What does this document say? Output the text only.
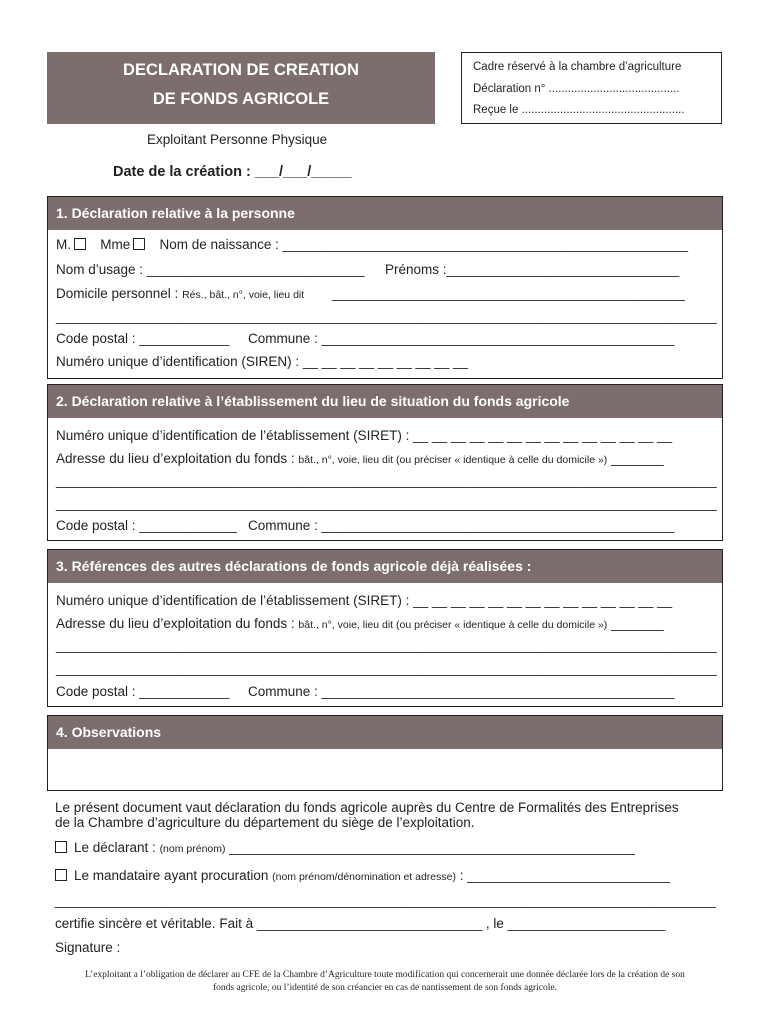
DECLARATION DE CREATION
DE FONDS AGRICOLE
Cadre réservé à la chambre d’agriculture
Déclaration n° .........................................
Reçue le ...................................................
Exploitant Personne Physique
Date de la création : ___/___/_____
1. Déclaration relative à la personne
M. Mme Nom de naissance : ______________________________________________________
Nom d’usage : _____________________________ Prénoms :_______________________________
Domicile personnel : Rés., bât., n°, voie, lieu dit _______________________________________________
________________________________________________________________________________________
Code postal : ____________ Commune : _______________________________________________
Numéro unique d’identification (SIREN) : __ __ __ __ __ __ __ __ __
2. Déclaration relative à l’établissement du lieu de situation du fonds agricole
Numéro unique d’identification de l’établissement (SIRET) : __ __ __ __ __ __ __ __ __ __ __ __ __ __
Adresse du lieu d’exploitation du fonds : bât., n°, voie, lieu dit (ou préciser « identique à celle du domicile ») _______
________________________________________________________________________________________
________________________________________________________________________________________
Code postal : _____________ Commune : _______________________________________________
3. Références des autres déclarations de fonds agricole déjà réalisées :
Numéro unique d’identification de l’établissement (SIRET) : __ __ __ __ __ __ __ __ __ __ __ __ __ __
Adresse du lieu d’exploitation du fonds : bât., n°, voie, lieu dit (ou préciser « identique à celle du domicile ») _______
________________________________________________________________________________________
________________________________________________________________________________________
Code postal : ____________ Commune : _______________________________________________
4. Observations
Le présent document vaut déclaration du fonds agricole auprès du Centre de Formalités des Entreprises
de la Chambre d’agriculture du département du siège de l’exploitation.
Le déclarant : (nom prénom) ______________________________________________________
Le mandataire ayant procuration (nom prénom/dénomination et adresse) : ___________________________
________________________________________________________________________________________
certifie sincère et véritable. Fait à ______________________________ , le _____________________
Signature :
L’exploitant a l’obligation de déclarer au CFE de la Chambre d’Agriculture toute modification qui concernerait une donnée déclarée lors de la création de son
fonds agricole, ou l’identité de son créancier en cas de nantissement de son fonds agricole.
